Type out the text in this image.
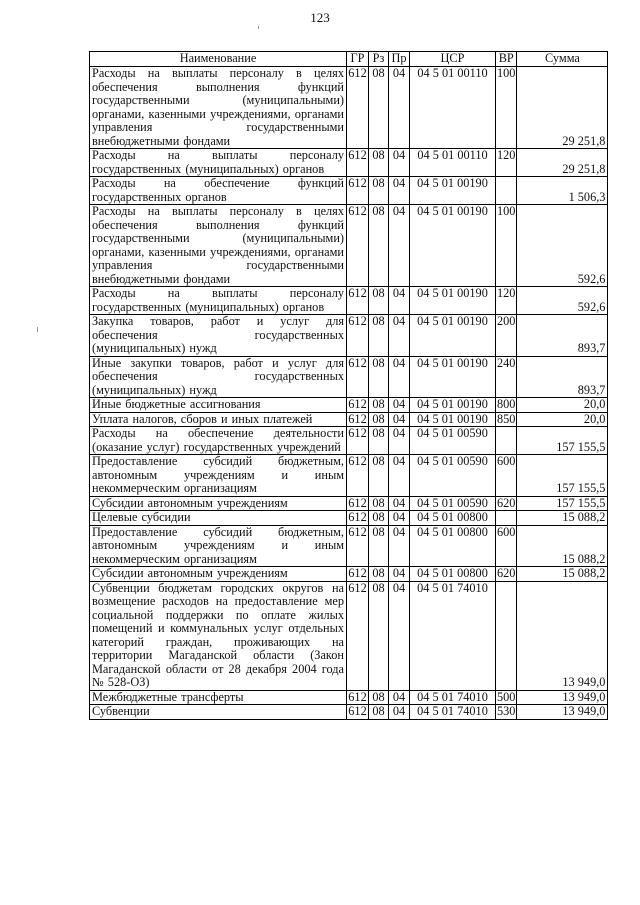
123
Наименование	ГР	Рз	Пр	ЦСР	ВР	Сумма
Расходы на выплаты персоналу в целях обеспечения выполнения функций государственными (муниципальными) органами, казенными учреждениями, органами управления государственными внебюджетными фондами	612	08	04	04 5 01 00110	100	29 251,8
Расходы на выплаты персоналу государственных (муниципальных) органов	612	08	04	04 5 01 00110	120	29 251,8
Расходы на обеспечение функций государственных органов	612	08	04	04 5 01 00190		1 506,3
Расходы на выплаты персоналу в целях обеспечения выполнения функций государственными (муниципальными) органами, казенными учреждениями, органами управления государственными внебюджетными фондами	612	08	04	04 5 01 00190	100	592,6
Расходы на выплаты персоналу государственных (муниципальных) органов	612	08	04	04 5 01 00190	120	592,6
Закупка товаров, работ и услуг для обеспечения государственных (муниципальных) нужд	612	08	04	04 5 01 00190	200	893,7
Иные закупки товаров, работ и услуг для обеспечения государственных (муниципальных) нужд	612	08	04	04 5 01 00190	240	893,7
Иные бюджетные ассигнования	612	08	04	04 5 01 00190	800	20,0
Уплата налогов, сборов и иных платежей	612	08	04	04 5 01 00190	850	20,0
Расходы на обеспечение деятельности (оказание услуг) государственных учреждений	612	08	04	04 5 01 00590		157 155,5
Предоставление субсидий бюджетным, автономным учреждениям и иным некоммерческим организациям	612	08	04	04 5 01 00590	600	157 155,5
Субсидии автономным учреждениям	612	08	04	04 5 01 00590	620	157 155,5
Целевые субсидии	612	08	04	04 5 01 00800		15 088,2
Предоставление субсидий бюджетным, автономным учреждениям и иным некоммерческим организациям	612	08	04	04 5 01 00800	600	15 088,2
Субсидии автономным учреждениям	612	08	04	04 5 01 00800	620	15 088,2
Субвенции бюджетам городских округов на возмещение расходов на предоставление мер социальной поддержки по оплате жилых помещений и коммунальных услуг отдельных категорий граждан, проживающих на территории Магаданской области (Закон Магаданской области от 28 декабря 2004 года № 528-ОЗ)	612	08	04	04 5 01 74010		13 949,0
Межбюджетные трансферты	612	08	04	04 5 01 74010	500	13 949,0
Субвенции	612	08	04	04 5 01 74010	530	13 949,0
